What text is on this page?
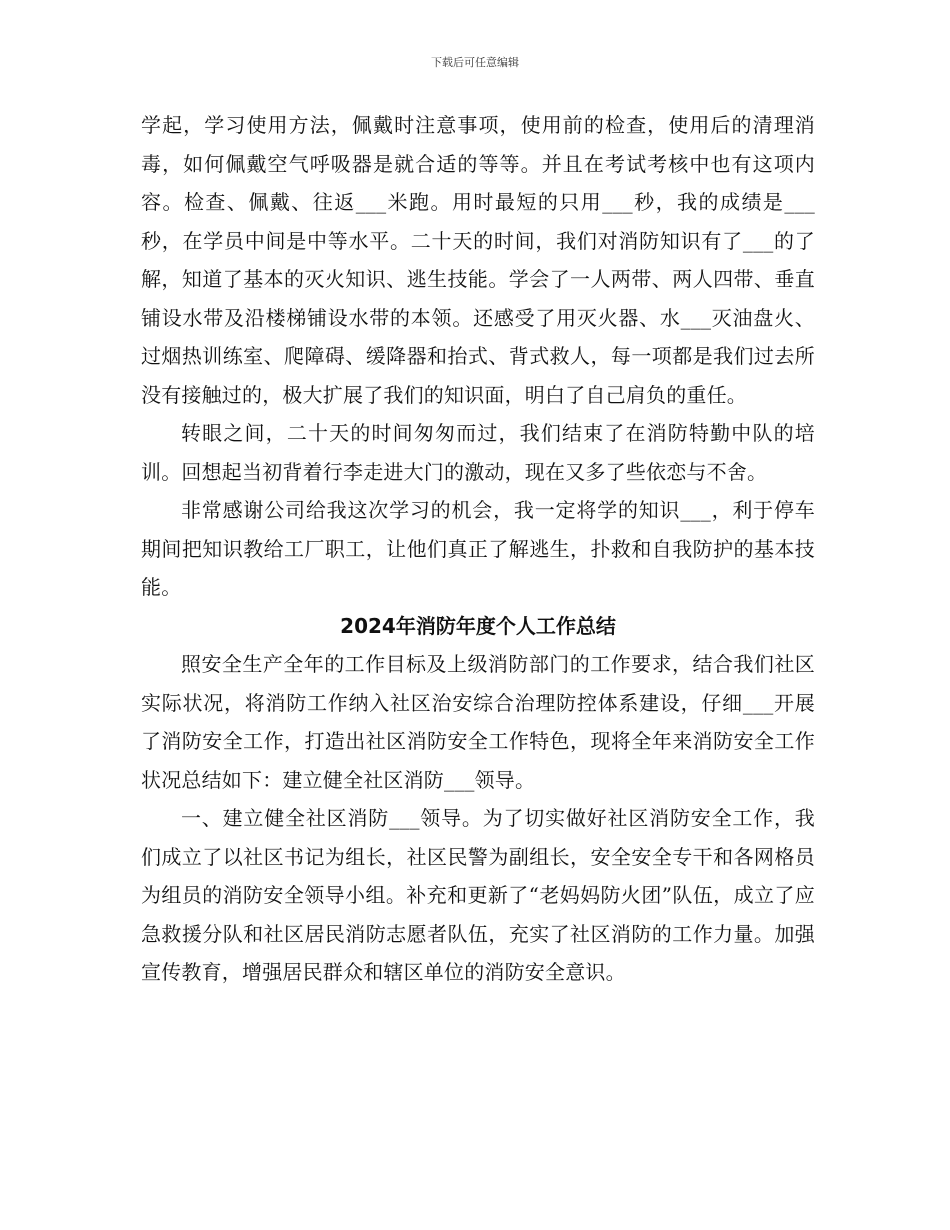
下载后可任意编辑

学起，学习使用方法，佩戴时注意事项，使用前的检查，使用后的清理消毒，如何佩戴空气呼吸器是就合适的等等。并且在考试考核中也有这项内容。检查、佩戴、往返___米跑。用时最短的只用___秒，我的成绩是___秒，在学员中间是中等水平。二十天的时间，我们对消防知识有了___的了解，知道了基本的灭火知识、逃生技能。学会了一人两带、两人四带、垂直铺设水带及沿楼梯铺设水带的本领。还感受了用灭火器、水___灭油盘火、过烟热训练室、爬障碍、缓降器和抬式、背式救人，每一项都是我们过去所没有接触过的，极大扩展了我们的知识面，明白了自己肩负的重任。

转眼之间，二十天的时间匆匆而过，我们结束了在消防特勤中队的培训。回想起当初背着行李走进大门的激动，现在又多了些依恋与不舍。

非常感谢公司给我这次学习的机会，我一定将学的知识___，利于停车期间把知识教给工厂职工，让他们真正了解逃生，扑救和自我防护的基本技能。

2024年消防年度个人工作总结

照安全生产全年的工作目标及上级消防部门的工作要求，结合我们社区实际状况，将消防工作纳入社区治安综合治理防控体系建设，仔细___开展了消防安全工作，打造出社区消防安全工作特色，现将全年来消防安全工作状况总结如下：建立健全社区消防___领导。

一、建立健全社区消防___领导。为了切实做好社区消防安全工作，我们成立了以社区书记为组长，社区民警为副组长，安全安全专干和各网格员为组员的消防安全领导小组。补充和更新了“老妈妈防火团”队伍，成立了应急救援分队和社区居民消防志愿者队伍，充实了社区消防的工作力量。加强宣传教育，增强居民群众和辖区单位的消防安全意识。
